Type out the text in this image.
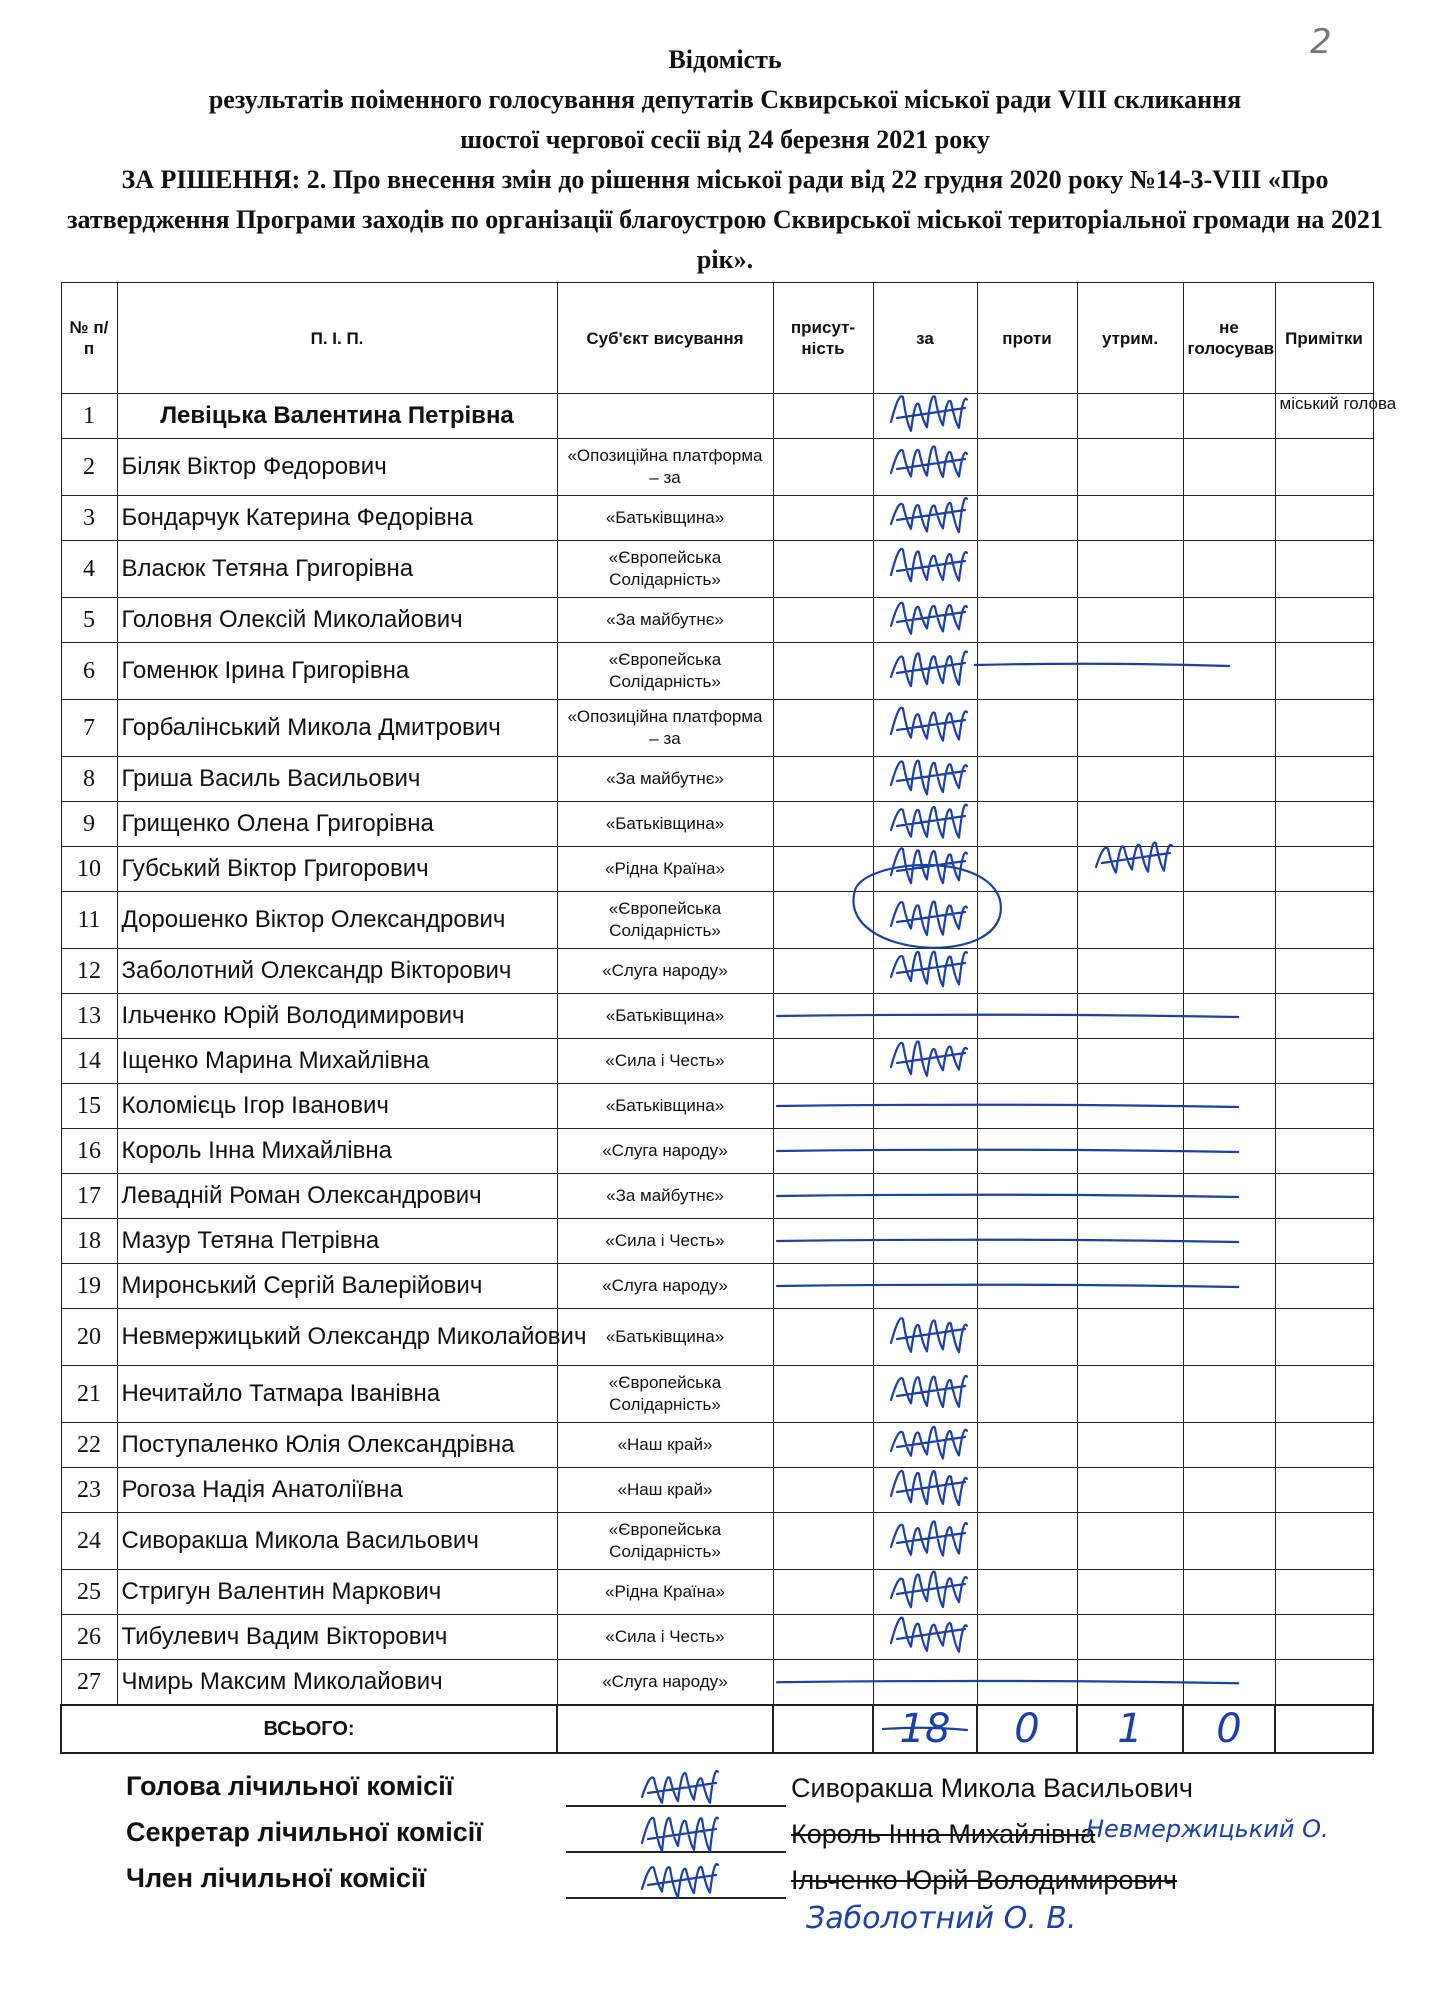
2
Відомість
результатів поіменного голосування депутатів Сквирської міської ради VIII скликання
шостої чергової сесії від 24 березня 2021 року
ЗА РІШЕННЯ: 2. Про внесення змін до рішення міської ради від 22 грудня 2020 року №14-3-VIII «Про затвердження Програми заходів по організації благоустрою Сквирської міської територіальної громади на 2021 рік».
№ п/п	П. І. П.	Суб'єкт висування	присут-ність	за	проти	утрим.	не голосував	Примітки
1	Левіцька Валентина Петрівна							міський голова
2	Біляк Віктор Федорович	«Опозиційна платформа – за						
3	Бондарчук Катерина Федорівна	«Батьківщина»						
4	Власюк Тетяна Григорівна	«Європейська Солідарність»						
5	Головня Олексій Миколайович	«За майбутнє»						
6	Гоменюк Ірина Григорівна	«Європейська Солідарність»						
7	Горбалінський Микола Дмитрович	«Опозиційна платформа – за						
8	Гриша Василь Васильович	«За майбутнє»						
9	Грищенко Олена Григорівна	«Батьківщина»						
10	Губський Віктор Григорович	«Рідна Країна»						
11	Дорошенко Віктор Олександрович	«Європейська Солідарність»						
12	Заболотний Олександр Вікторович	«Слуга народу»						
13	Ільченко Юрій Володимирович	«Батьківщина»						
14	Іщенко Марина Михайлівна	«Сила і Честь»						
15	Коломієць Ігор Іванович	«Батьківщина»						
16	Король Інна Михайлівна	«Слуга народу»						
17	Левадній Роман Олександрович	«За майбутнє»						
18	Мазур Тетяна Петрівна	«Сила і Честь»						
19	Миронський Сергій Валерійович	«Слуга народу»						
20	Невмержицький Олександр Миколайович	«Батьківщина»						
21	Нечитайло Татмара Іванівна	«Європейська Солідарність»						
22	Поступаленко Юлія Олександрівна	«Наш край»						
23	Рогоза Надія Анатоліївна	«Наш край»						
24	Сиворакша Микола Васильович	«Європейська Солідарність»						
25	Стригун Валентин Маркович	«Рідна Країна»						
26	Тибулевич Вадим Вікторович	«Сила і Честь»						
27	Чмирь Максим Миколайович	«Слуга народу»						
ВСЬОГО:				18	0	1	0	
Голова лічильної комісії	Сиворакша Микола Васильович
Секретар лічильної комісії	Король Інна Михайлівна
Невмержицький О.
Член лічильної комісії	Ільченко Юрій Володимирович
Заболотний О. В.
